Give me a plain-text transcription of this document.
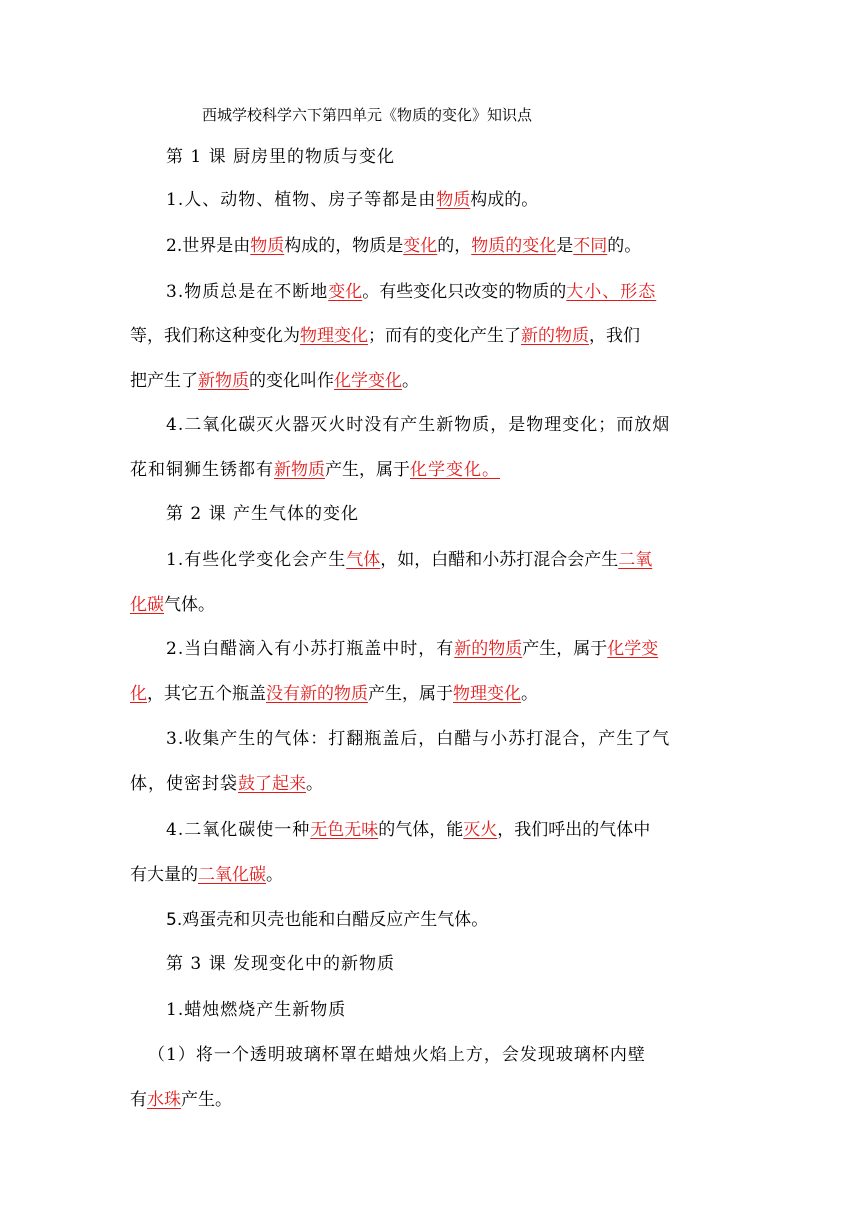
西城学校科学六下第四单元《物质的变化》知识点
第 1 课 厨房里的物质与变化
1.人、动物、植物、房子等都是由物质构成的。
2.世界是由物质构成的，物质是变化的，物质的变化是不同的。
3.物质总是在不断地变化。有些变化只改变的物质的大小、形态
等，我们称这种变化为物理变化；而有的变化产生了新的物质，我们
把产生了新物质的变化叫作化学变化。
4.二氧化碳灭火器灭火时没有产生新物质，是物理变化；而放烟
花和铜狮生锈都有新物质产生，属于化学变化。
第 2 课 产生气体的变化
1.有些化学变化会产生气体，如，白醋和小苏打混合会产生二氧
化碳气体。
2.当白醋滴入有小苏打瓶盖中时，有新的物质产生，属于化学变
化，其它五个瓶盖没有新的物质产生，属于物理变化。
3.收集产生的气体：打翻瓶盖后，白醋与小苏打混合，产生了气
体，使密封袋鼓了起来。
4.二氧化碳使一种无色无味的气体，能灭火，我们呼出的气体中
有大量的二氧化碳。
5.鸡蛋壳和贝壳也能和白醋反应产生气体。
第 3 课 发现变化中的新物质
1.蜡烛燃烧产生新物质
（1）将一个透明玻璃杯罩在蜡烛火焰上方，会发现玻璃杯内壁
有水珠产生。
